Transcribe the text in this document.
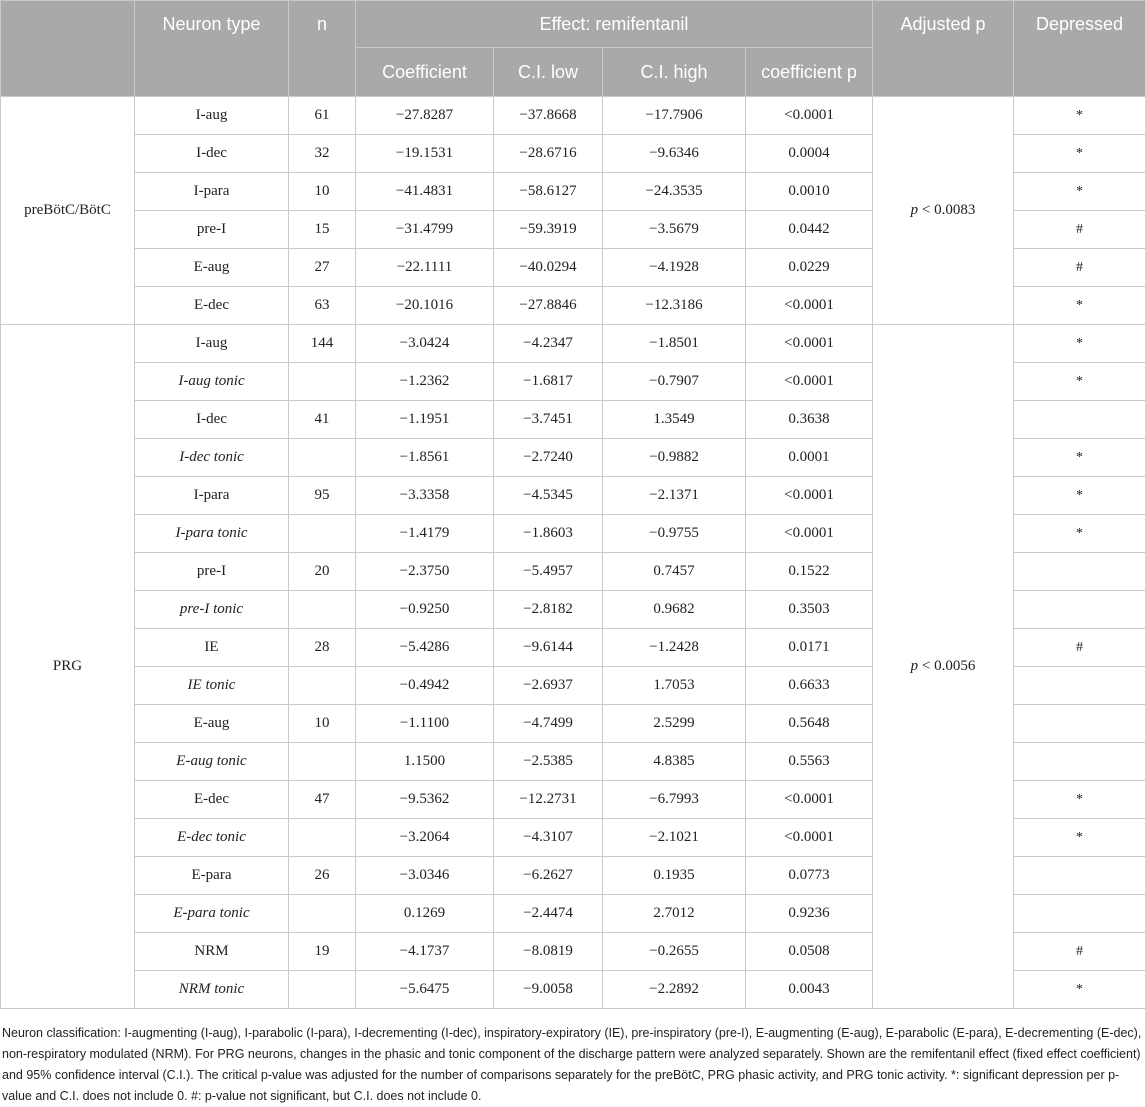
	Neuron type	n	Effect: remifentanil				Adjusted p	Depressed
			Coefficient	C.I. low	C.I. high	coefficient p		
preBötC/BötC	I-aug	61	−27.8287	−37.8668	−17.7906	<0.0001	p < 0.0083	*
	I-dec	32	−19.1531	−28.6716	−9.6346	0.0004		*
	I-para	10	−41.4831	−58.6127	−24.3535	0.0010		*
	pre-I	15	−31.4799	−59.3919	−3.5679	0.0442		#
	E-aug	27	−22.1111	−40.0294	−4.1928	0.0229		#
	E-dec	63	−20.1016	−27.8846	−12.3186	<0.0001		*
PRG	I-aug	144	−3.0424	−4.2347	−1.8501	<0.0001	p < 0.0056	*
	I-aug tonic		−1.2362	−1.6817	−0.7907	<0.0001		*
	I-dec	41	−1.1951	−3.7451	1.3549	0.3638		
	I-dec tonic		−1.8561	−2.7240	−0.9882	0.0001		*
	I-para	95	−3.3358	−4.5345	−2.1371	<0.0001		*
	I-para tonic		−1.4179	−1.8603	−0.9755	<0.0001		*
	pre-I	20	−2.3750	−5.4957	0.7457	0.1522		
	pre-I tonic		−0.9250	−2.8182	0.9682	0.3503		
	IE	28	−5.4286	−9.6144	−1.2428	0.0171		#
	IE tonic		−0.4942	−2.6937	1.7053	0.6633		
	E-aug	10	−1.1100	−4.7499	2.5299	0.5648		
	E-aug tonic		1.1500	−2.5385	4.8385	0.5563		
	E-dec	47	−9.5362	−12.2731	−6.7993	<0.0001		*
	E-dec tonic		−3.2064	−4.3107	−2.1021	<0.0001		*
	E-para	26	−3.0346	−6.2627	0.1935	0.0773		
	E-para tonic		0.1269	−2.4474	2.7012	0.9236		
	NRM	19	−4.1737	−8.0819	−0.2655	0.0508		#
	NRM tonic		−5.6475	−9.0058	−2.2892	0.0043		*
Neuron classification: I-augmenting (I-aug), I-parabolic (I-para), I-decrementing (I-dec), inspiratory-expiratory (IE), pre-inspiratory (pre-I), E-augmenting (E-aug), E-parabolic (E-para), E-decrementing (E-dec), non-respiratory modulated (NRM). For PRG neurons, changes in the phasic and tonic component of the discharge pattern were analyzed separately. Shown are the remifentanil effect (fixed effect coefficient) and 95% confidence interval (C.I.). The critical p-value was adjusted for the number of comparisons separately for the preBötC, PRG phasic activity, and PRG tonic activity. *: significant depression per p-value and C.I. does not include 0. #: p-value not significant, but C.I. does not include 0.
